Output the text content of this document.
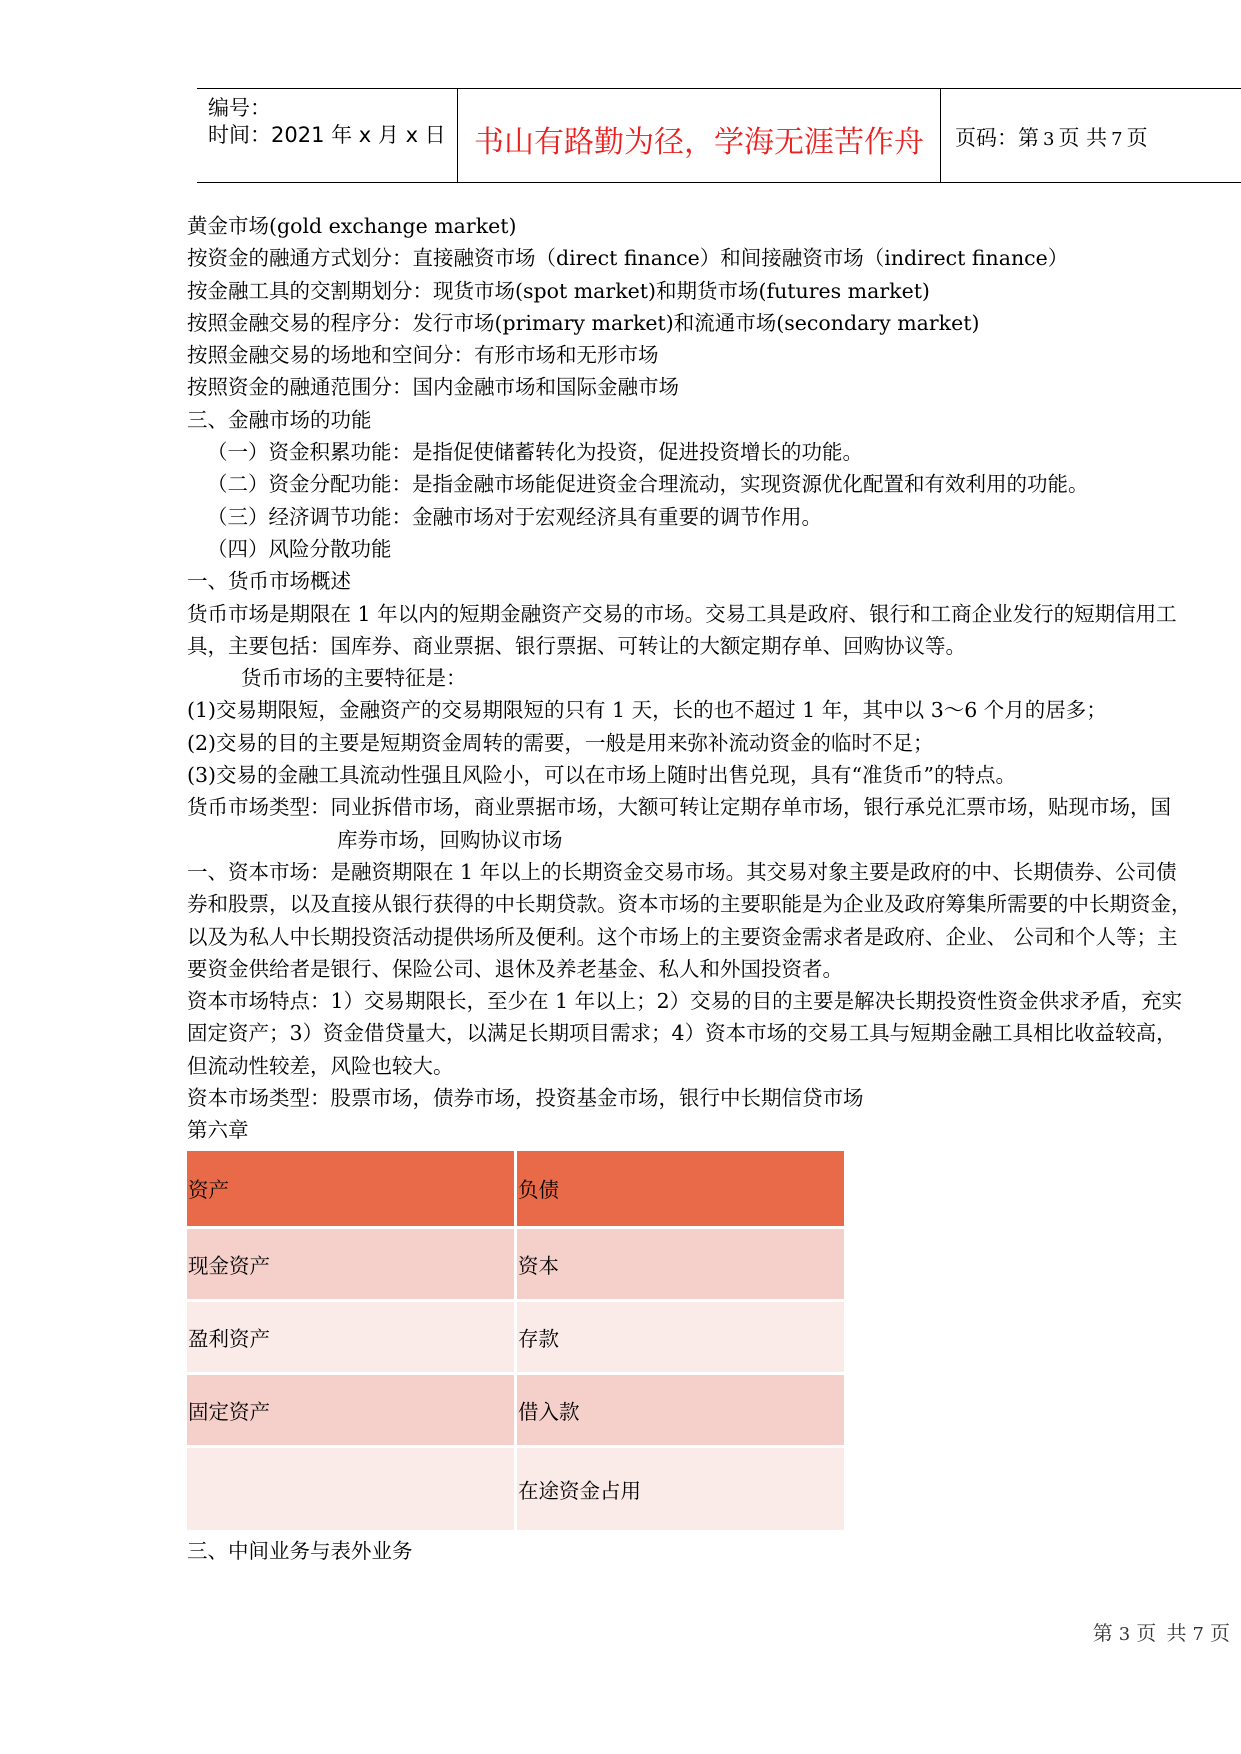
编号：
时间：2021 年 x 月 x 日 书山有路勤为径，学海无涯苦作舟	页码：第 3 页 共 7 页
黄金市场(gold exchange market)
按资金的融通方式划分：直接融资市场（direct finance）和间接融资市场（indirect finance）
按金融工具的交割期划分：现货市场(spot market)和期货市场(futures market)
按照金融交易的程序分：发行市场(primary market)和流通市场(secondary market)
按照金融交易的场地和空间分：有形市场和无形市场
按照资金的融通范围分：国内金融市场和国际金融市场
三、金融市场的功能
（一）资金积累功能：是指促使储蓄转化为投资，促进投资增长的功能。
（二）资金分配功能：是指金融市场能促进资金合理流动，实现资源优化配置和有效利用的功能。
（三）经济调节功能：金融市场对于宏观经济具有重要的调节作用。
（四）风险分散功能
一、货币市场概述
货币市场是期限在 1 年以内的短期金融资产交易的市场。交易工具是政府、银行和工商企业发行的短期信用工
具，主要包括：国库券、商业票据、银行票据、可转让的大额定期存单、回购协议等。
货币市场的主要特征是：
(1)交易期限短，金融资产的交易期限短的只有 1 天，长的也不超过 1 年，其中以 3～6 个月的居多；
(2)交易的目的主要是短期资金周转的需要，一般是用来弥补流动资金的临时不足；
(3)交易的金融工具流动性强且风险小，可以在市场上随时出售兑现，具有“准货币”的特点。
货币市场类型：同业拆借市场，商业票据市场，大额可转让定期存单市场，银行承兑汇票市场，贴现市场，国
库券市场，回购协议市场
一、资本市场：是融资期限在 1 年以上的长期资金交易市场。其交易对象主要是政府的中、长期债券、公司债
券和股票，以及直接从银行获得的中长期贷款。资本市场的主要职能是为企业及政府筹集所需要的中长期资金，
以及为私人中长期投资活动提供场所及便利。这个市场上的主要资金需求者是政府、企业、 公司和个人等；主
要资金供给者是银行、保险公司、退休及养老基金、私人和外国投资者。
资本市场特点：1）交易期限长，至少在 1 年以上；2）交易的目的主要是解决长期投资性资金供求矛盾，充实
固定资产；3）资金借贷量大，以满足长期项目需求；4）资本市场的交易工具与短期金融工具相比收益较高，
但流动性较差，风险也较大。
资本市场类型：股票市场，债券市场，投资基金市场，银行中长期信贷市场
第六章
资产	负债
现金资产	资本
盈利资产	存款
固定资产	借入款
	在途资金占用
三、中间业务与表外业务
第 3 页 共 7 页
